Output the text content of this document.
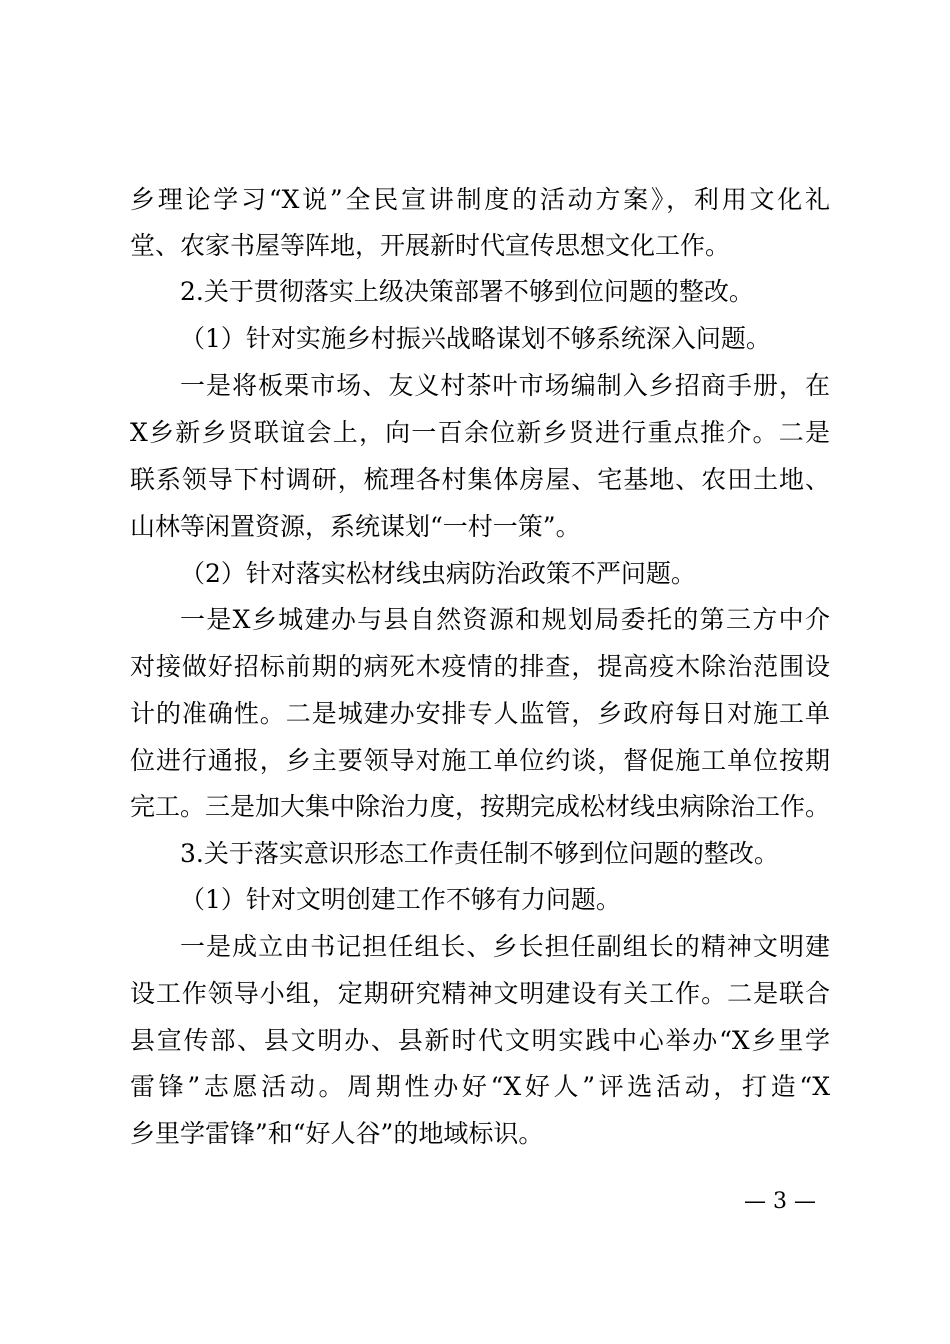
乡理论学习“X说”全民宣讲制度的活动方案》，利用文化礼
堂、农家书屋等阵地，开展新时代宣传思想文化工作。
2.关于贯彻落实上级决策部署不够到位问题的整改。
（1）针对实施乡村振兴战略谋划不够系统深入问题。
一是将板栗市场、友义村茶叶市场编制入乡招商手册，在
X乡新乡贤联谊会上，向一百余位新乡贤进行重点推介。二是
联系领导下村调研，梳理各村集体房屋、宅基地、农田土地、
山林等闲置资源，系统谋划“一村一策”。
（2）针对落实松材线虫病防治政策不严问题。
一是X乡城建办与县自然资源和规划局委托的第三方中介
对接做好招标前期的病死木疫情的排查，提高疫木除治范围设
计的准确性。二是城建办安排专人监管，乡政府每日对施工单
位进行通报，乡主要领导对施工单位约谈，督促施工单位按期
完工。三是加大集中除治力度，按期完成松材线虫病除治工作。
3.关于落实意识形态工作责任制不够到位问题的整改。
（1）针对文明创建工作不够有力问题。
一是成立由书记担任组长、乡长担任副组长的精神文明建
设工作领导小组，定期研究精神文明建设有关工作。二是联合
县宣传部、县文明办、县新时代文明实践中心举办“X乡里学
雷锋”志愿活动。周期性办好“X好人”评选活动，打造“X
乡里学雷锋”和“好人谷”的地域标识。
— 3 —
